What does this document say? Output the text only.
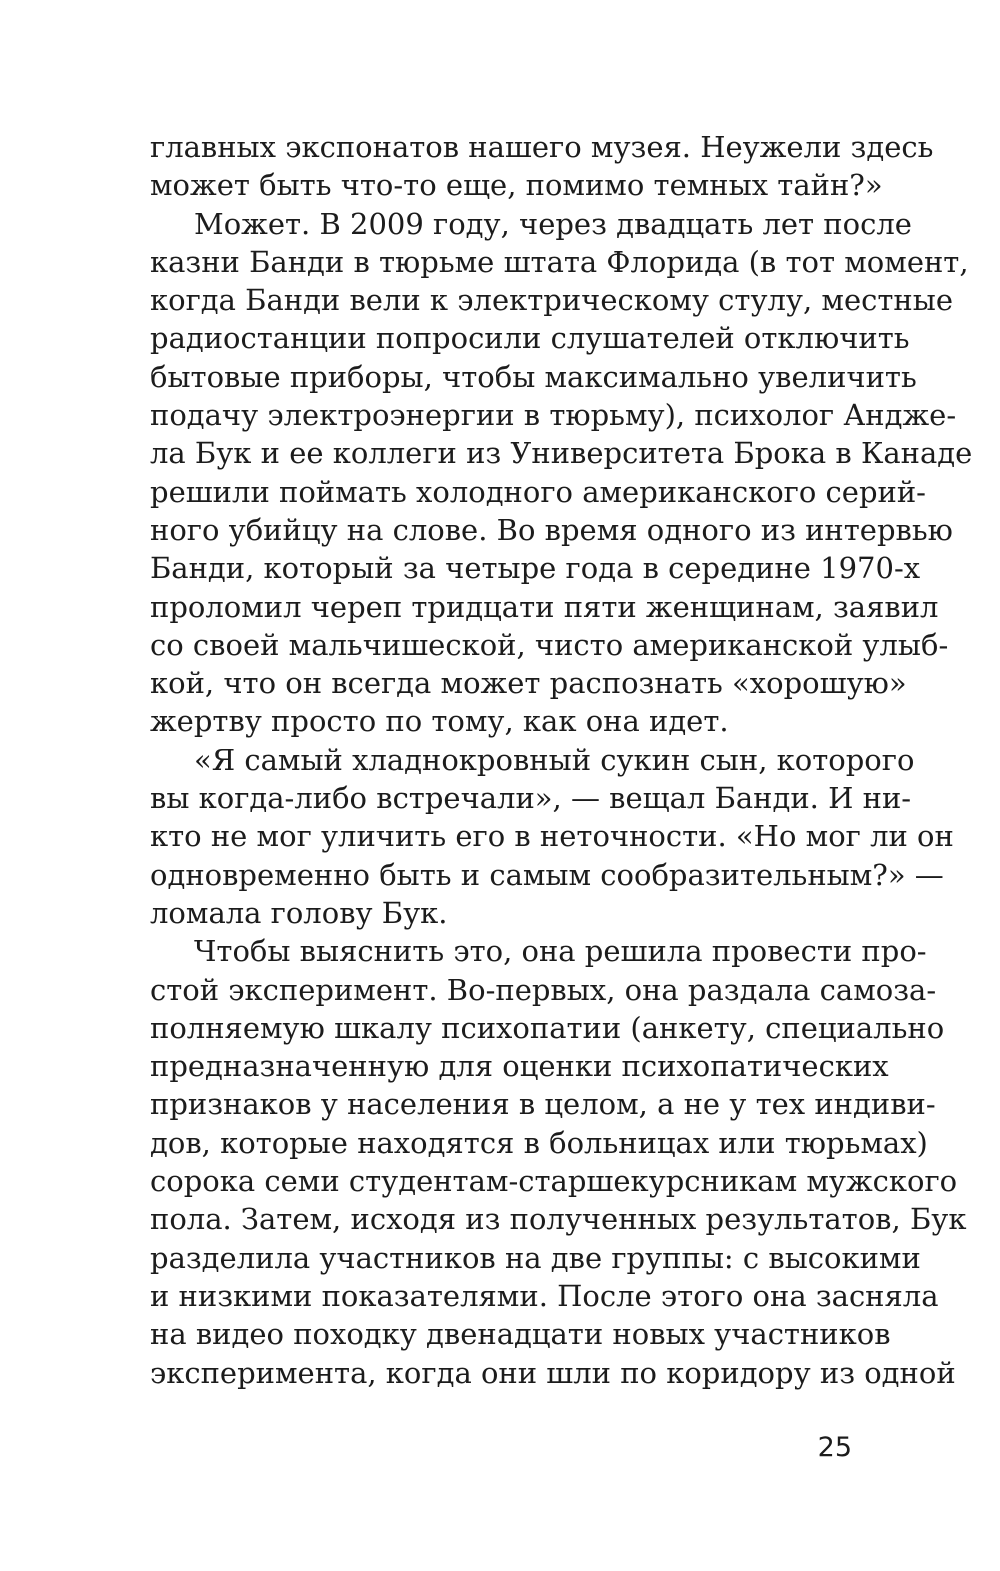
главных экспонатов нашего музея. Неужели здесь
может быть что-то еще, помимо темных тайн?»
Может. В 2009 году, через двадцать лет после
казни Банди в тюрьме штата Флорида (в тот момент,
когда Банди вели к электрическому стулу, местные
радиостанции попросили слушателей отключить
бытовые приборы, чтобы максимально увеличить
подачу электроэнергии в тюрьму), психолог Андже-
ла Бук и ее коллеги из Университета Брока в Канаде
решили поймать холодного американского серий-
ного убийцу на слове. Во время одного из интервью
Банди, который за четыре года в середине 1970-х
проломил череп тридцати пяти женщинам, заявил
со своей мальчишеской, чисто американской улыб-
кой, что он всегда может распознать «хорошую»
жертву просто по тому, как она идет.
«Я самый хладнокровный сукин сын, которого
вы когда-либо встречали», — вещал Банди. И ни-
кто не мог уличить его в неточности. «Но мог ли он
одновременно быть и самым сообразительным?» —
ломала голову Бук.
Чтобы выяснить это, она решила провести про-
стой эксперимент. Во-первых, она раздала самоза-
полняемую шкалу психопатии (анкету, специально
предназначенную для оценки психопатических
признаков у населения в целом, а не у тех индиви-
дов, которые находятся в больницах или тюрьмах)
сорока семи студентам-старшекурсникам мужского
пола. Затем, исходя из полученных результатов, Бук
разделила участников на две группы: с высокими
и низкими показателями. После этого она засняла
на видео походку двенадцати новых участников
эксперимента, когда они шли по коридору из одной
25
